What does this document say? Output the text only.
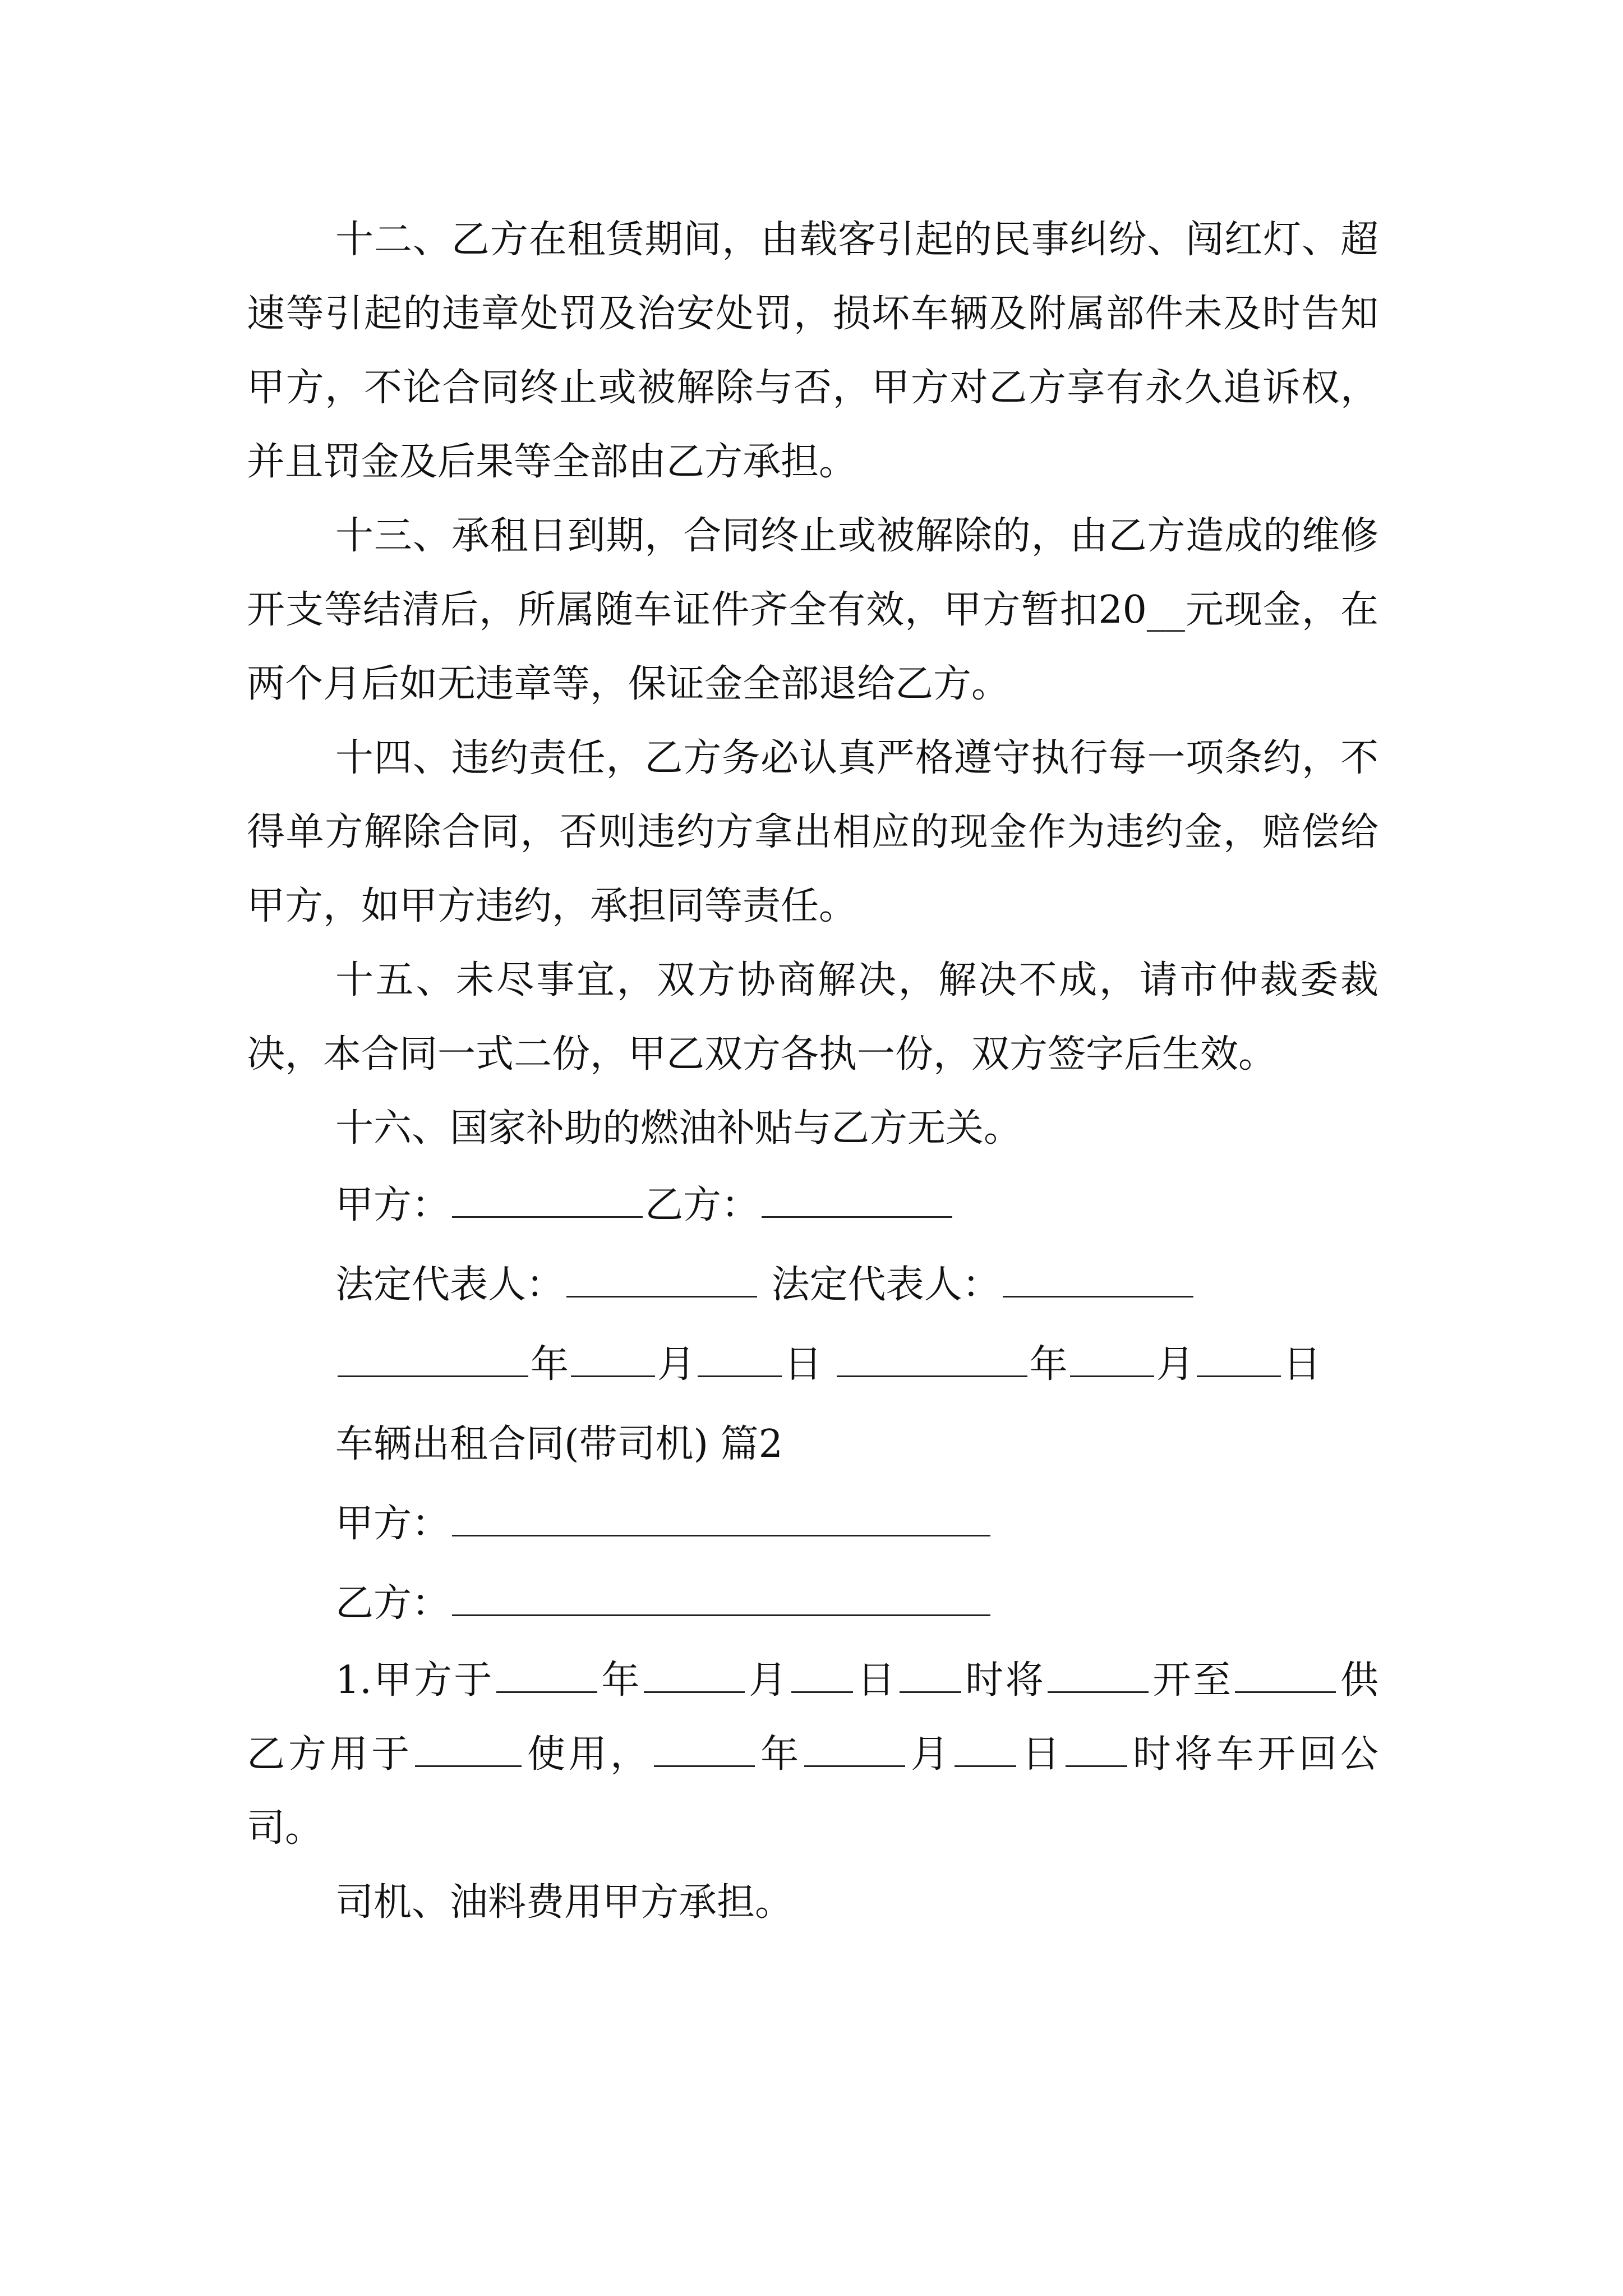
十二、乙方在租赁期间，由载客引起的民事纠纷、闯红灯、超速等引起的违章处罚及治安处罚，损坏车辆及附属部件未及时告知甲方，不论合同终止或被解除与否，甲方对乙方享有永久追诉权，并且罚金及后果等全部由乙方承担。

十三、承租日到期，合同终止或被解除的，由乙方造成的维修开支等结清后，所属随车证件齐全有效，甲方暂扣20__元现金，在两个月后如无违章等，保证金全部退给乙方。

十四、违约责任，乙方务必认真严格遵守执行每一项条约，不得单方解除合同，否则违约方拿出相应的现金作为违约金，赔偿给甲方，如甲方违约，承担同等责任。

十五、未尽事宜，双方协商解决，解决不成，请市仲裁委裁决，本合同一式二份，甲乙双方各执一份，双方签字后生效。

十六、国家补助的燃油补贴与乙方无关。

甲方：	乙方：

法定代表人：	法定代表人：

年 月 日	年 月 日

车辆出租合同(带司机) 篇2

甲方：

乙方：

1.甲方于	年	月 日 时将	开至	供乙方用于	使用，	年	月 日 时将车开回公司。

司机、油料费用甲方承担。
